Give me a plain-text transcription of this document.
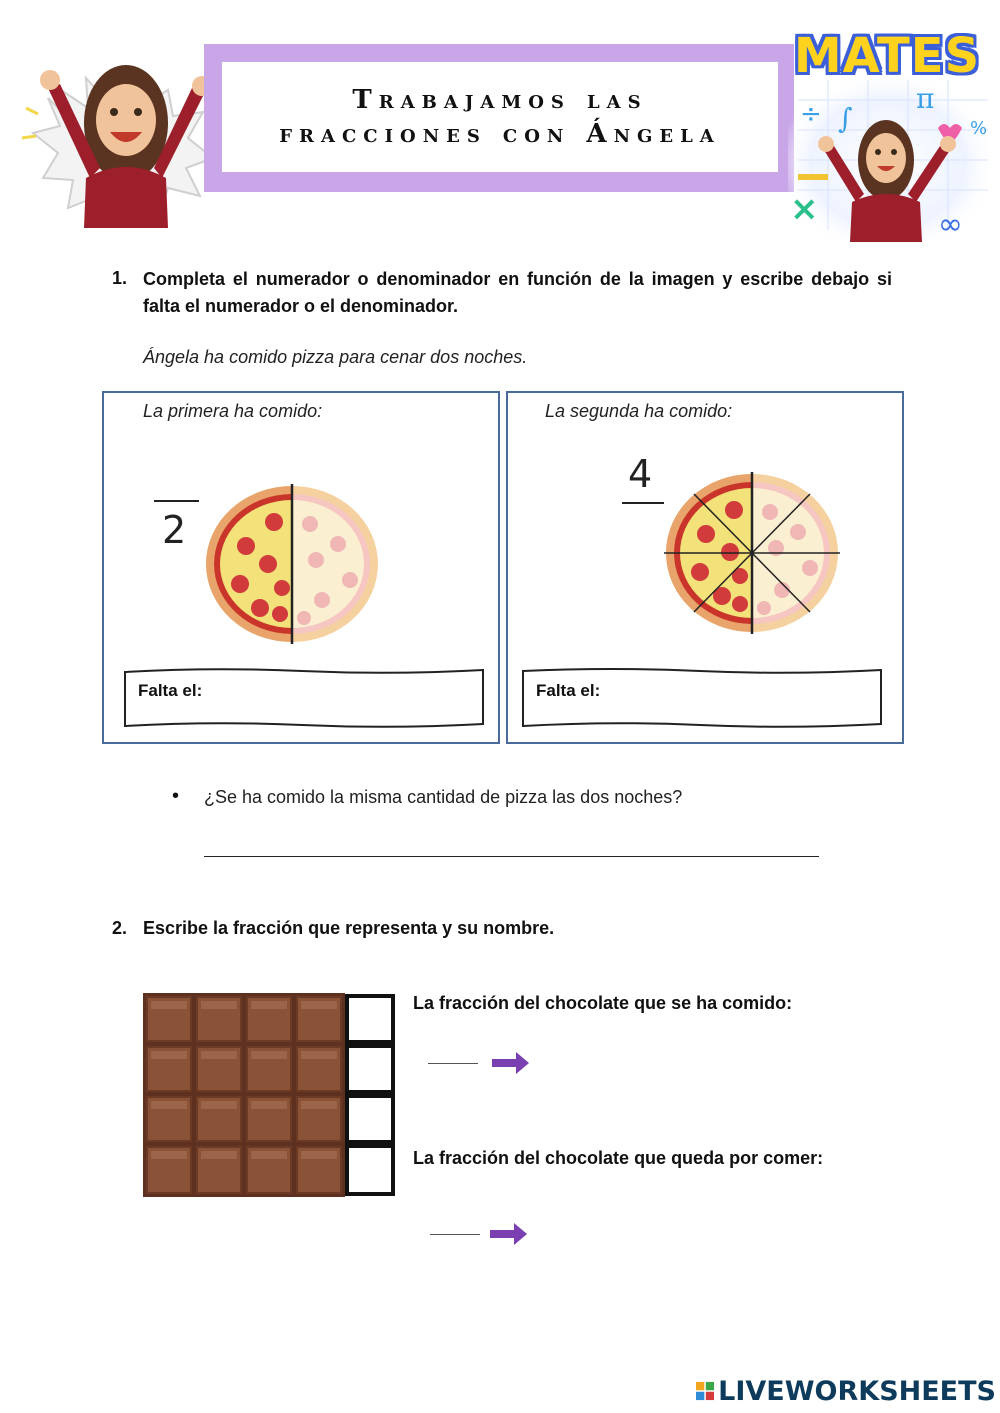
Trabajamos las
fracciones con Ángela
÷ ∫
π
%
×	∞
MATES
1. Completa el numerador o denominador en función de la imagen y escribe debajo si falta el numerador o el denominador.
Ángela ha comido pizza para cenar dos noches.
La primera ha comido:
2
Falta el:
La segunda ha comido:
4
Falta el:
• ¿Se ha comido la misma cantidad de pizza las dos noches?
2. Escribe la fracción que representa y su nombre.
La fracción del chocolate que se ha comido:
La fracción del chocolate que queda por comer:
LIVEWORKSHEETS
